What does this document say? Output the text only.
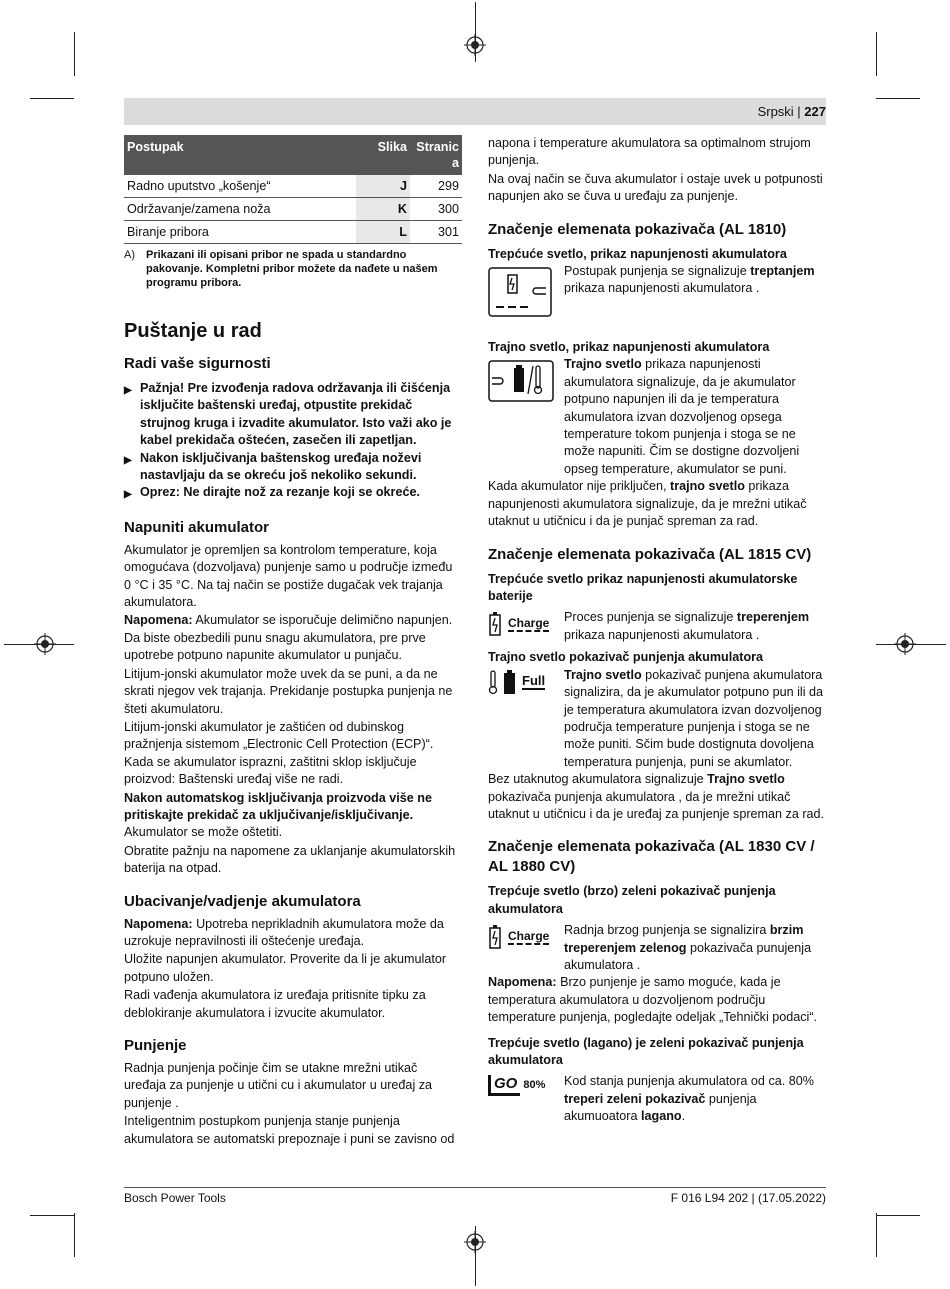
Srpski | 227
Postupak	Slika	Stranic
a
Radno uputstvo „košenje“	J	299
Održavanje/zamena noža	K	300
Biranje pribora	L	301
A)	Prikazani ili opisani pribor ne spada u standardno pakovanje. Kompletni pribor možete da nađete u našem programu pribora.
Puštanje u rad
Radi vaše sigurnosti
▶ Pažnja! Pre izvođenja radova održavanja ili čišćenja isključite baštenski uređaj, otpustite prekidač strujnog kruga i izvadite akumulator. Isto važi ako je kabel prekidača oštećen, zasečen ili zapetljan.
▶ Nakon isključivanja baštenskog uređaja noževi nastavljaju da se okreću još nekoliko sekundi.
▶ Oprez: Ne dirajte nož za rezanje koji se okreće.
Napuniti akumulator

Akumulator je opremljen sa kontrolom temperature, koja omogućava (dozvoljava) punjenje samo u područje između 0 °C i 35 °C. Na taj način se postiže dugačak vek trajanja akumulatora.

Napomena: Akumulator se isporučuje delimično napunjen. Da biste obezbedili punu snagu akumulatora, pre prve upotrebe potpuno napunite akumulator u punjaču.

Litijum-jonski akumulator može uvek da se puni, a da ne skrati njegov vek trajanja. Prekidanje postupka punjenja ne šteti akumulatoru.

Litijum-jonski akumulator je zaštićen od dubinskog pražnjenja sistemom „Electronic Cell Protection (ECP)“. Kada se akumulator isprazni, zaštitni sklop isključuje proizvod: Baštenski uređaj više ne radi.

Nakon automatskog isključivanja proizvoda više ne pritiskajte prekidač za uključivanje/isključivanje. Akumulator se može oštetiti.

Obratite pažnju na napomene za uklanjanje akumulatorskih baterija na otpad.

Ubacivanje/vadjenje akumulatora

Napomena: Upotreba neprikladnih akumulatora može da uzrokuje nepravilnosti ili oštećenje uređaja.

Uložite napunjen akumulator. Proverite da li je akumulator potpuno uložen.

Radi vađenja akumulatora iz uređaja pritisnite tipku za deblokiranje akumulatora i izvucite akumulator.

Punjenje

Radnja punjenja počinje čim se utakne mrežni utikač uređaja za punjenje u utični cu i akumulator u uređaj za punjenje .

Inteligentnim postupkom punjenja stanje punjenja akumulatora se automatski prepoznaje i puni se zavisno od

napona i temperature akumulatora sa optimalnom strujom punjenja.

Na ovaj način se čuva akumulator i ostaje uvek u potpunosti napunjen ako se čuva u uređaju za punjenje.

Značenje elemenata pokazivača (AL 1810)
Trepćuće svetlo, prikaz napunjenosti akumulatora

Postupak punjenja se signalizuje treptanjem prikaza napunjenosti akumulatora .

Trajno svetlo, prikaz napunjenosti akumulatora

Trajno svetlo prikaza napunjenosti akumulatora signalizuje, da je akumulator potpuno napunjen ili da je temperatura akumulatora izvan dozvoljenog opsega temperature tokom punjenja i stoga se ne može napuniti. Čim se dostigne dozvoljeni opseg temperature, akumulator se puni.

Kada akumulator nije priključen, trajno svetlo prikaza napunjenosti akumulatora signalizuje, da je mrežni utikač utaknut u utičnicu i da je punjač spreman za rad.

Značenje elemenata pokazivača (AL 1815 CV)
Trepćuće svetlo prikaz napunjenosti akumulatorske baterije
Charge Proces punjenja se signalizuje treperenjem prikaza napunjenosti akumulatora .

Trajno svetlo pokazivač punjenja akumulatora
Full Trajno svetlo pokazivač punjena akumulatora signalizira, da je akumulator potpuno pun ili da je temperatura akumulatora izvan dozvoljenog područja temperature punjenja i stoga se ne može puniti. Sčim bude dostignuta dovoljena temperatura punjenja, puni se akumlator.

Bez utaknutog akumulatora signalizuje Trajno svetlo pokazivača punjenja akumulatora , da je mrežni utikač utaknut u utičnicu i da je uređaj za punjenje spreman za rad.

Značenje elemenata pokazivača (AL 1830 CV / AL 1880 CV)
Trepćuje svetlo (brzo) zeleni pokazivač punjenja akumulatora
Charge Radnja brzog punjenja se signalizira brzim treperenjem zelenog pokazivača punujenja akumulatora .

Napomena: Brzo punjenje je samo moguće, kada je temperatura akumulatora u dozvoljenom području temperature punjenja, pogledajte odeljak „Tehnički podaci“.

Trepćuje svetlo (lagano) je zeleni pokazivač punjenja akumulatora
GO 80% Kod stanja punjenja akumulatora od ca. 80% treperi zeleni pokazivač punjenja akumuoatora lagano.

Bosch Power Tools	F 016 L94 202 | (17.05.2022)
